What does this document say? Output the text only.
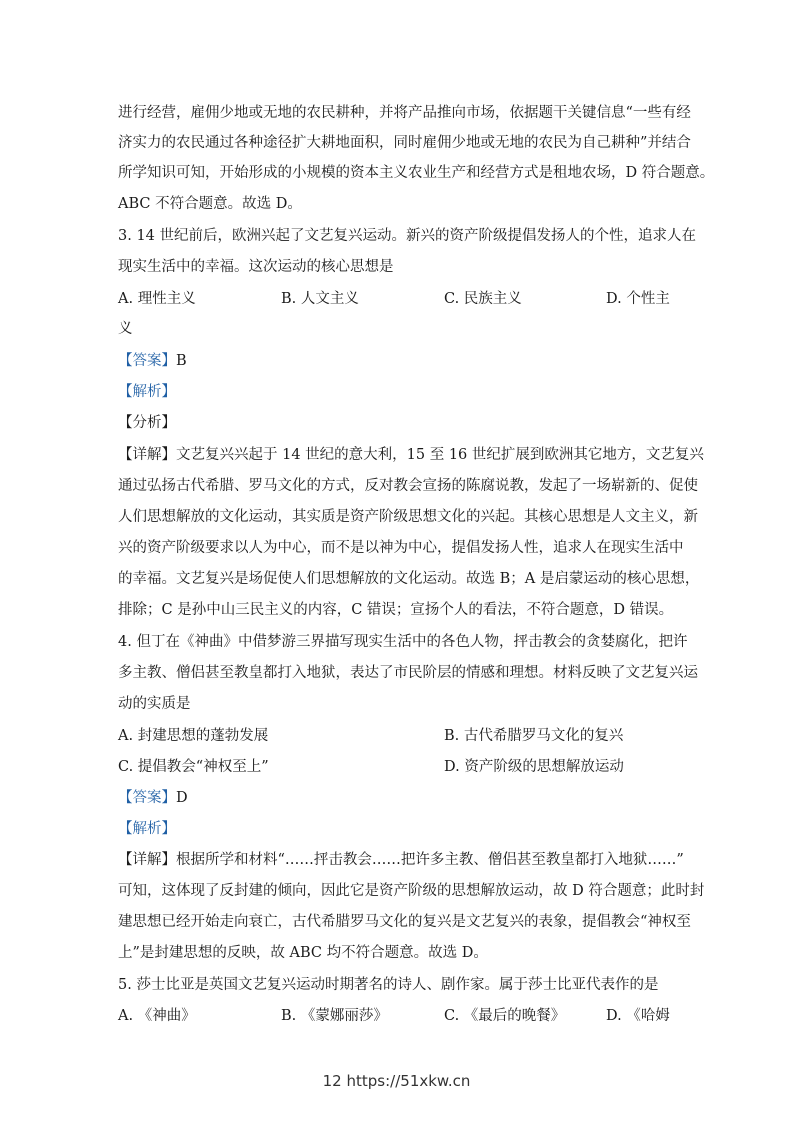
进行经营，雇佣少地或无地的农民耕种，并将产品推向市场，依据题干关键信息“一些有经
济实力的农民通过各种途径扩大耕地面积，同时雇佣少地或无地的农民为自己耕种”并结合
所学知识可知，开始形成的小规模的资本主义农业生产和经营方式是租地农场，D 符合题意。
ABC 不符合题意。故选 D。
3. 14 世纪前后，欧洲兴起了文艺复兴运动。新兴的资产阶级提倡发扬人的个性，追求人在
现实生活中的幸福。这次运动的核心思想是
A. 理性主义	B. 人文主义	C. 民族主义	D. 个性主
义
【答案】B
【解析】
【分析】
【详解】文艺复兴兴起于 14 世纪的意大利，15 至 16 世纪扩展到欧洲其它地方，文艺复兴
通过弘扬古代希腊、罗马文化的方式，反对教会宣扬的陈腐说教，发起了一场崭新的、促使
人们思想解放的文化运动，其实质是资产阶级思想文化的兴起。其核心思想是人文主义，新
兴的资产阶级要求以人为中心，而不是以神为中心，提倡发扬人性，追求人在现实生活中
的幸福。文艺复兴是场促使人们思想解放的文化运动。故选 B；A 是启蒙运动的核心思想，
排除；C 是孙中山三民主义的内容，C 错误；宣扬个人的看法，不符合题意，D 错误。
4. 但丁在《神曲》中借梦游三界描写现实生活中的各色人物，抨击教会的贪婪腐化，把许
多主教、僧侣甚至教皇都打入地狱，表达了市民阶层的情感和理想。材料反映了文艺复兴运
动的实质是
A. 封建思想的蓬勃发展	B. 古代希腊罗马文化的复兴
C. 提倡教会“神权至上”	D. 资产阶级的思想解放运动
【答案】D
【解析】
【详解】根据所学和材料“……抨击教会……把许多主教、僧侣甚至教皇都打入地狱……”
可知，这体现了反封建的倾向，因此它是资产阶级的思想解放运动，故 D 符合题意；此时封
建思想已经开始走向衰亡，古代希腊罗马文化的复兴是文艺复兴的表象，提倡教会“神权至
上”是封建思想的反映，故 ABC 均不符合题意。故选 D。
5. 莎士比亚是英国文艺复兴运动时期著名的诗人、剧作家。属于莎士比亚代表作的是
A. 《神曲》	B. 《蒙娜丽莎》	C. 《最后的晚餐》	D. 《哈姆
12 https://51xkw.cn
